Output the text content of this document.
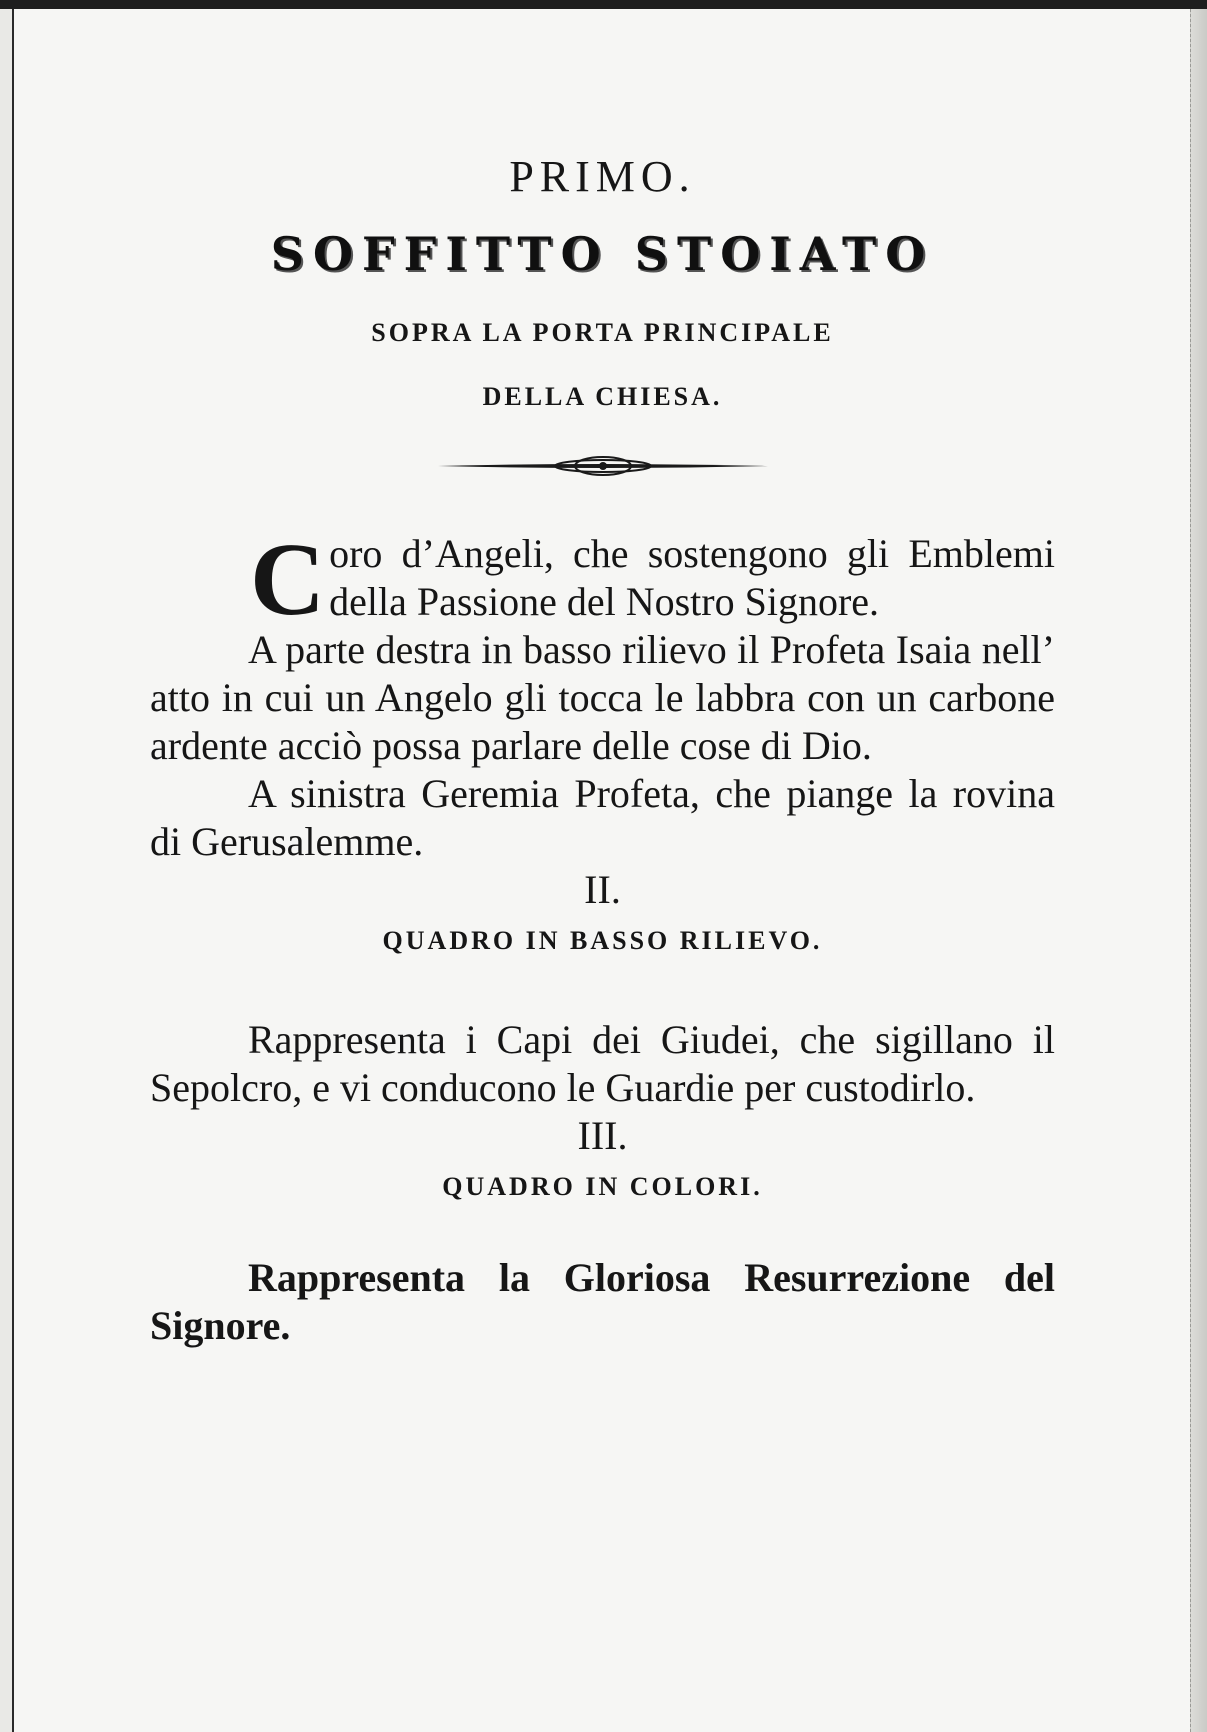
PRIMO.

SOFFITTO STOIATO

SOPRA LA PORTA PRINCIPALE

DELLA CHIESA.

C oro d’Angeli, che sostengono gli Emblemi della Passione del Nostro Signore.

A parte destra in basso rilievo il Profeta Isaia nell’ atto in cui un Angelo gli tocca le labbra con un carbone ardente acciò possa parlare delle cose di Dio.

A sinistra Geremia Profeta, che piange la rovina di Gerusalemme.

II.

QUADRO IN BASSO RILIEVO.

Rappresenta i Capi dei Giudei, che sigillano il Sepolcro, e vi conducono le Guardie per custodirlo.

III.

QUADRO IN COLORI.

Rappresenta la Gloriosa Resurrezione del Signore.
